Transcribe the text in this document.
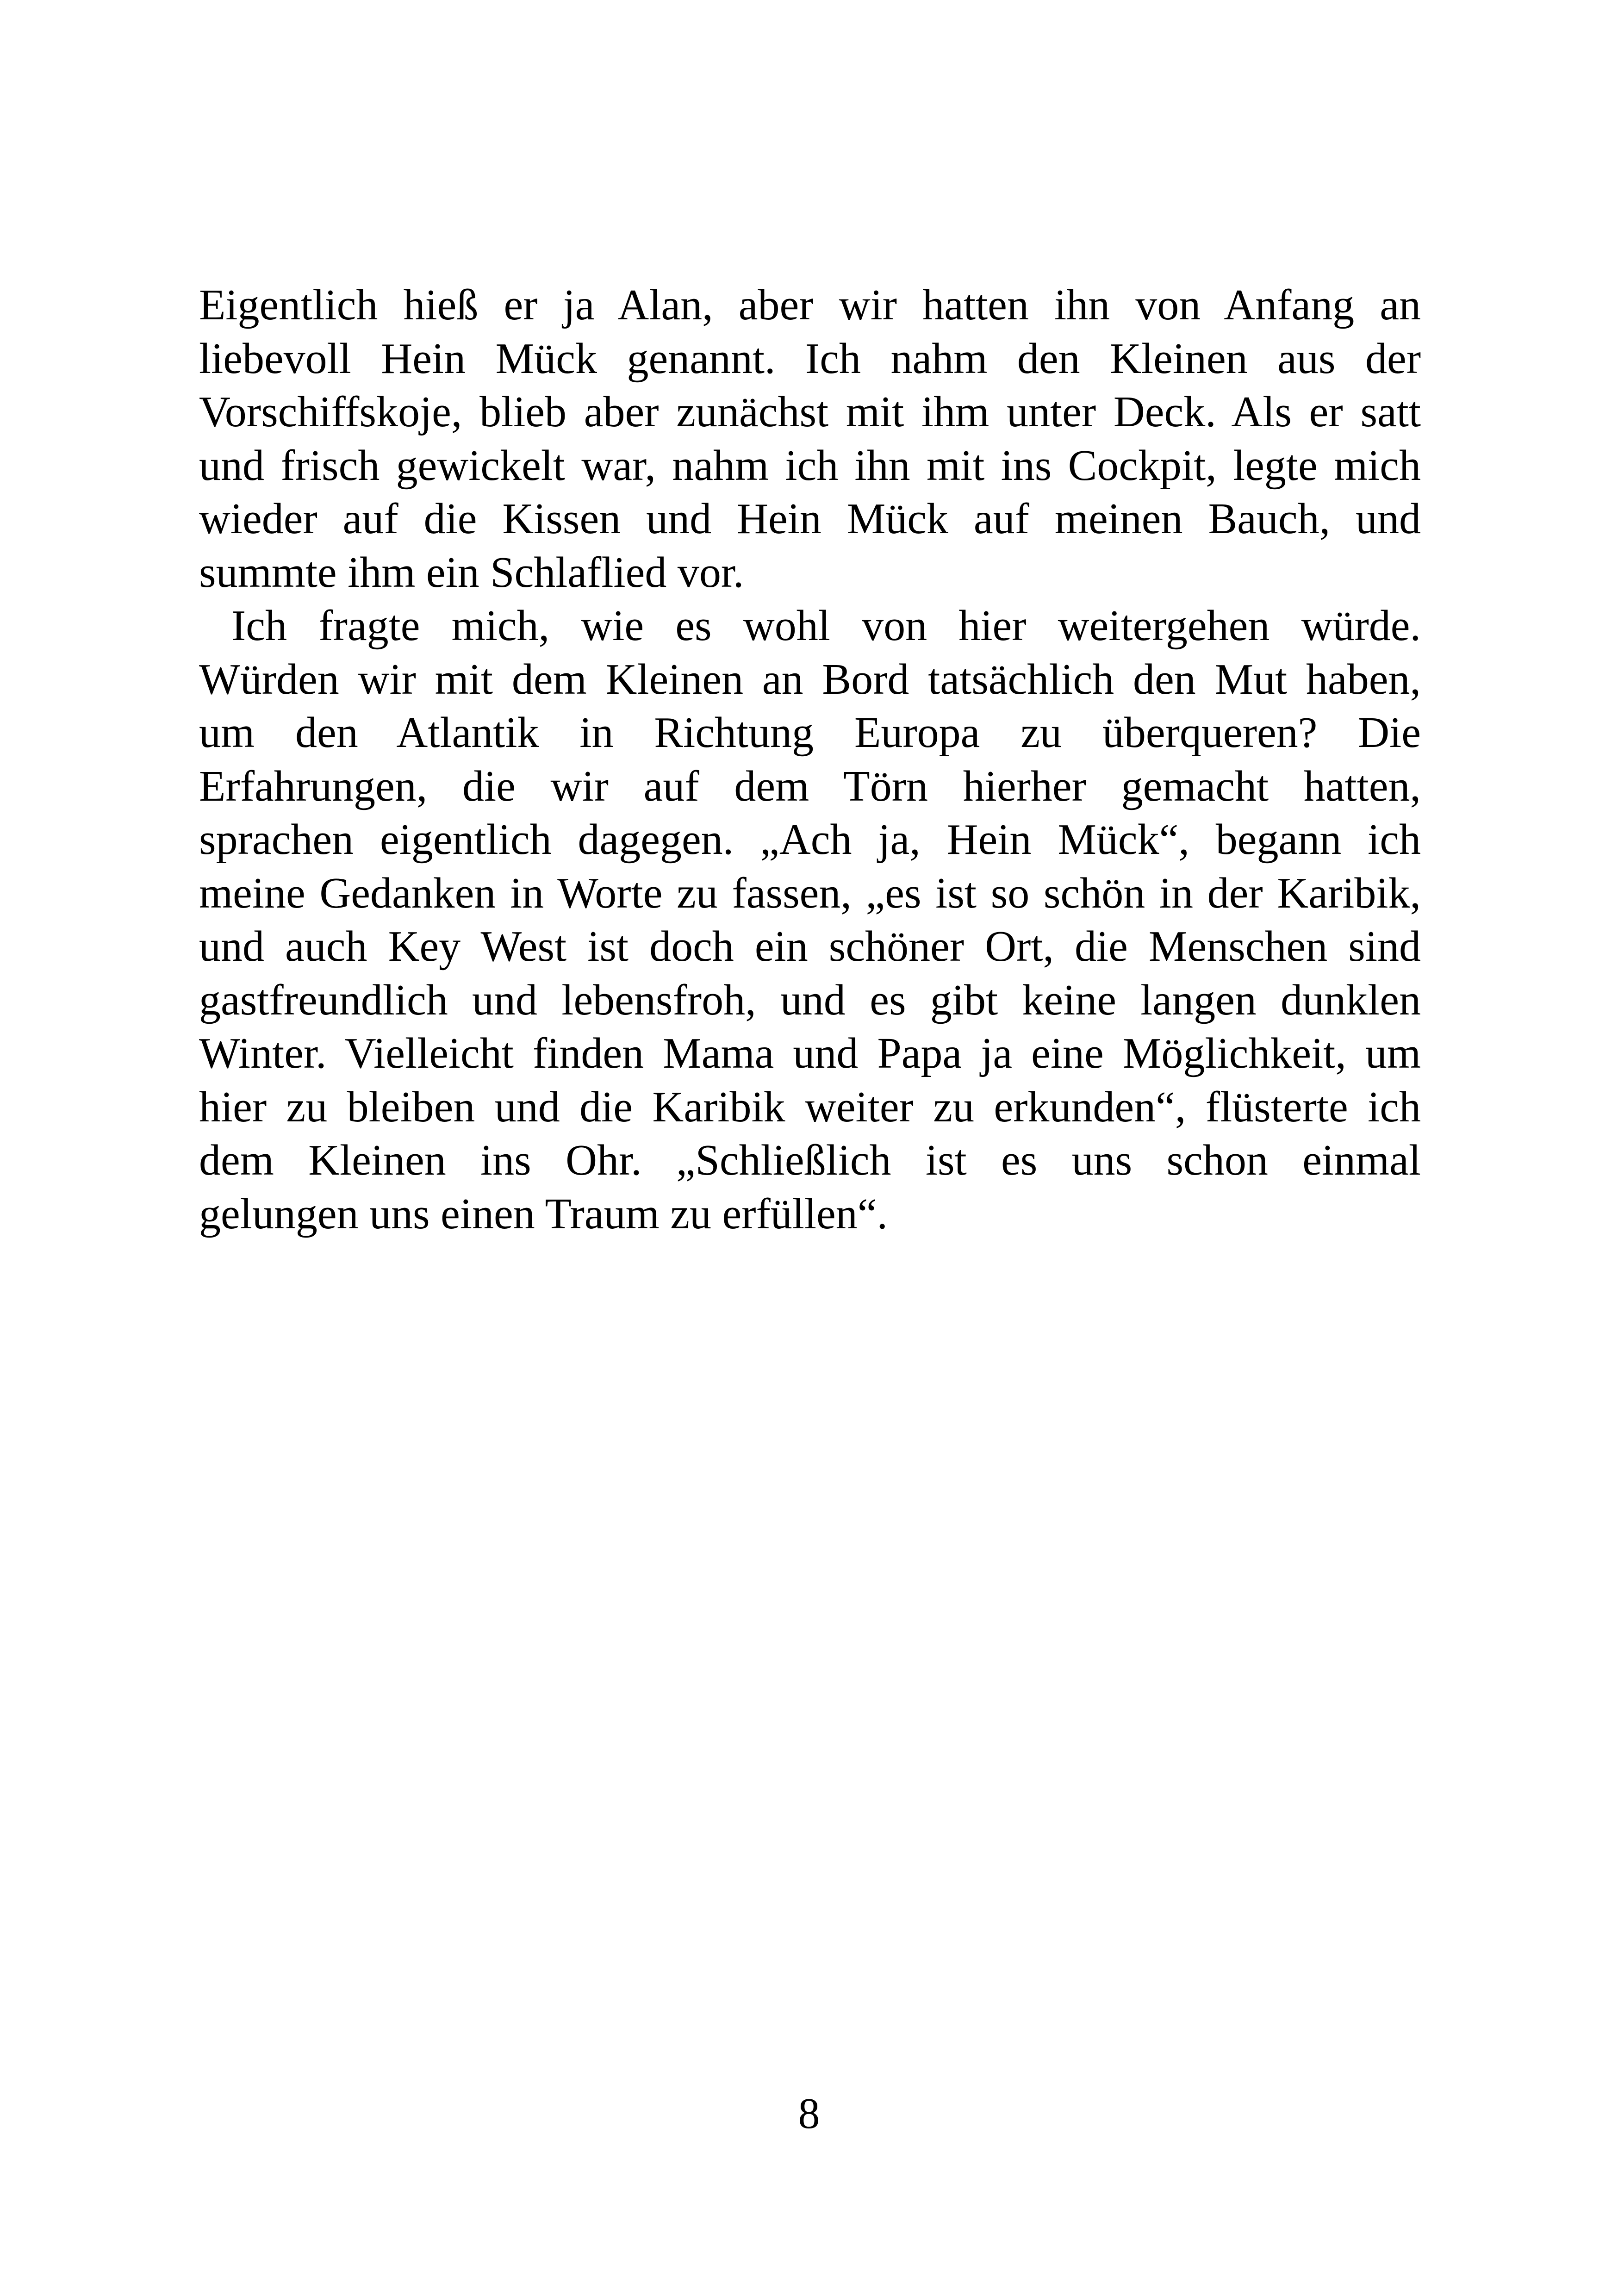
Eigentlich hieß er ja Alan, aber wir hatten ihn von Anfang an
liebevoll Hein Mück genannt. Ich nahm den Kleinen aus der
Vorschiffskoje, blieb aber zunächst mit ihm unter Deck. Als er satt
und frisch gewickelt war, nahm ich ihn mit ins Cockpit, legte mich
wieder auf die Kissen und Hein Mück auf meinen Bauch, und
summte ihm ein Schlaflied vor.
Ich fragte mich, wie es wohl von hier weitergehen würde.
Würden wir mit dem Kleinen an Bord tatsächlich den Mut haben,
um den Atlantik in Richtung Europa zu überqueren? Die
Erfahrungen, die wir auf dem Törn hierher gemacht hatten,
sprachen eigentlich dagegen. „Ach ja, Hein Mück“, begann ich
meine Gedanken in Worte zu fassen, „es ist so schön in der Karibik,
und auch Key West ist doch ein schöner Ort, die Menschen sind
gastfreundlich und lebensfroh, und es gibt keine langen dunklen
Winter. Vielleicht finden Mama und Papa ja eine Möglichkeit, um
hier zu bleiben und die Karibik weiter zu erkunden“, flüsterte ich
dem Kleinen ins Ohr. „Schließlich ist es uns schon einmal
gelungen uns einen Traum zu erfüllen“.
8
